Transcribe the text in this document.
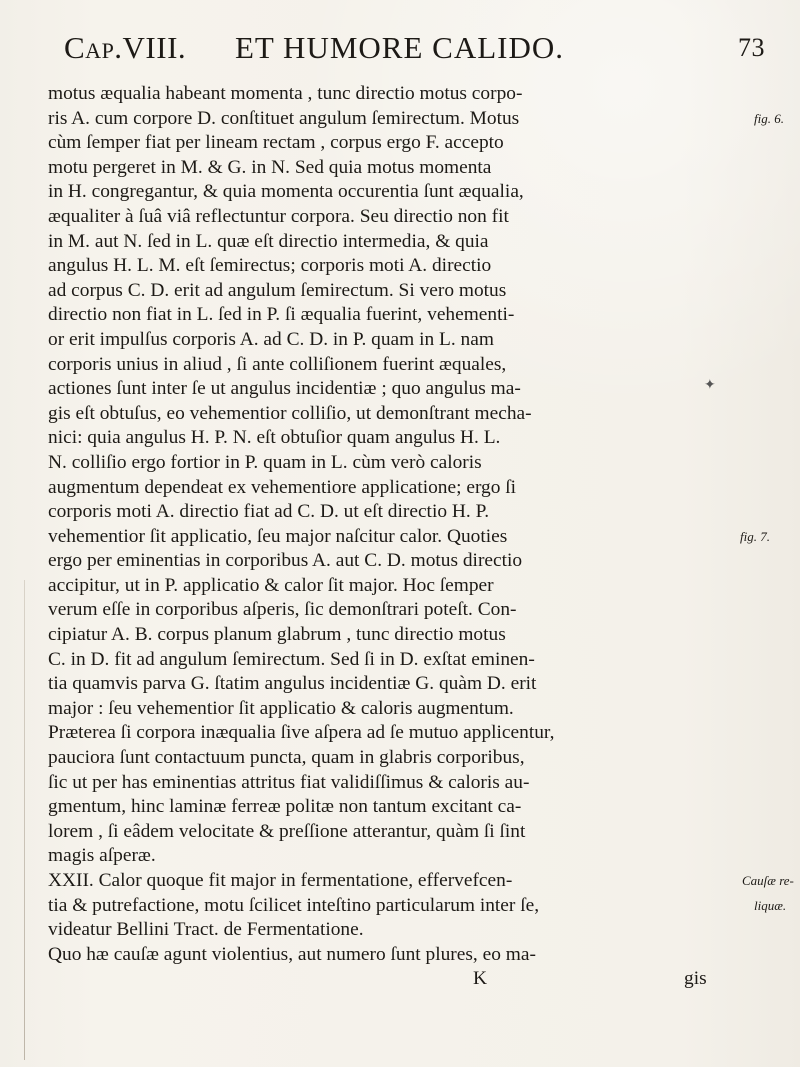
Cap.VIII. ET HUMORE CALIDO.	73
motus æqualia habeant momenta , tunc directio motus corpo-
ris A. cum corpore D. conſtituet angulum ſemirectum. Motus	fig. 6.
cùm ſemper fiat per lineam rectam , corpus ergo F. accepto
motu pergeret in M. & G. in N. Sed quia motus momenta
in H. congregantur, & quia momenta occurentia ſunt æqualia,
æqualiter à ſuâ viâ reflectuntur corpora. Seu directio non fit
in M. aut N. ſed in L. quæ eſt directio intermedia, & quia
angulus H. L. M. eſt ſemirectus; corporis moti A. directio
ad corpus C. D. erit ad angulum ſemirectum. Si vero motus
directio non fiat in L. ſed in P. ſi æqualia fuerint, vehementi-
or erit impulſus corporis A. ad C. D. in P. quam in L. nam
corporis unius in aliud , ſi ante colliſionem fuerint æquales,
actiones ſunt inter ſe ut angulus incidentiæ ; quo angulus ma-
gis eſt obtuſus, eo vehementior colliſio, ut demonſtrant mecha-
nici: quia angulus H. P. N. eſt obtuſior quam angulus H. L.
N. colliſio ergo fortior in P. quam in L. cùm verò caloris
augmentum dependeat ex vehementiore applicatione; ergo ſi
corporis moti A. directio fiat ad C. D. ut eſt directio H. P.
vehementior ſit applicatio, ſeu major naſcitur calor. Quoties	fig. 7.
ergo per eminentias in corporibus A. aut C. D. motus directio
accipitur, ut in P. applicatio & calor ſit major. Hoc ſemper
verum eſſe in corporibus aſperis, ſic demonſtrari poteſt. Con-
cipiatur A. B. corpus planum glabrum , tunc directio motus
C. in D. fit ad angulum ſemirectum. Sed ſi in D. exſtat eminen-
tia quamvis parva G. ſtatim angulus incidentiæ G. quàm D. erit
major : ſeu vehementior ſit applicatio & caloris augmentum.
Præterea ſi corpora inæqualia ſive aſpera ad ſe mutuo applicentur,
pauciora ſunt contactuum puncta, quam in glabris corporibus,
ſic ut per has eminentias attritus fiat validiſſimus & caloris au-
gmentum, hinc laminæ ferreæ politæ non tantum excitant ca-
lorem , ſi eâdem velocitate & preſſione atterantur, quàm ſi ſint
magis aſperæ.
XXII. Calor quoque fit major in fermentatione, effervefcen-	Cauſæ re-
tia & putrefactione, motu ſcilicet inteſtino particularum inter ſe,	liquæ.
videatur Bellini Tract. de Fermentatione.
Quo hæ cauſæ agunt violentius, aut numero ſunt plures, eo ma-
K	gis
✦
